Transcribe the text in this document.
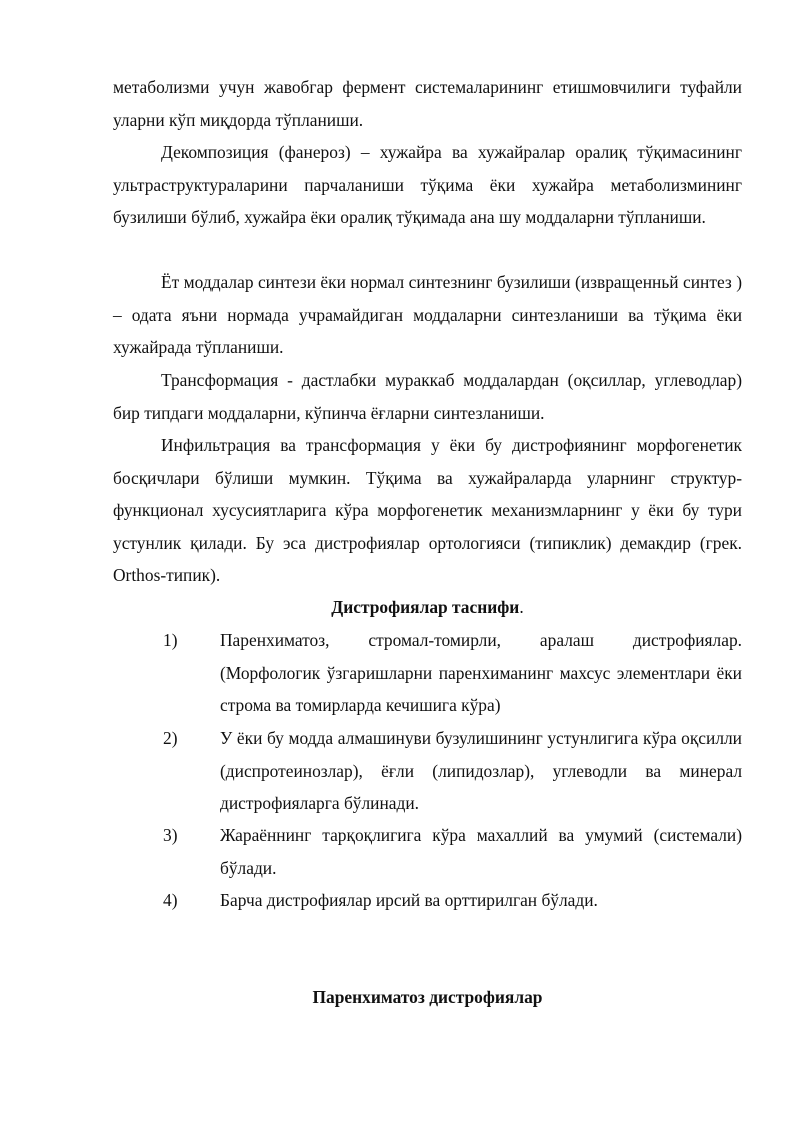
метаболизми учун жавобгар фермент системаларининг етишмовчилиги туфайли уларни кўп миқдорда тўпланиши.

Декомпозиция (фанероз) – хужайра ва хужайралар оралиқ тўқимасининг ультраструктураларини парчаланиши тўқима ёки хужайра метаболизмининг бузилиши бўлиб, хужайра ёки оралиқ тўқимада ана шу моддаларни тўпланиши.

Ёт моддалар синтези ёки нормал синтезнинг бузилиши (извращенньй синтез ) – одата яъни нормада учрамайдиган моддаларни синтезланиши ва тўқима ёки хужайрада тўпланиши.

Трансформация - дастлабки мураккаб моддалардан (оқсиллар, углеводлар) бир типдаги моддаларни, кўпинча ёғларни синтезланиши.

Инфильтрация ва трансформация у ёки бу дистрофиянинг морфогенетик босқичлари бўлиши мумкин. Тўқима ва хужайраларда уларнинг структур-функционал хусусиятларига кўра морфогенетик механизмларнинг у ёки бу тури устунлик қилади. Бу эса дистрофиялар ортологияси (типиклик) демакдир (грек. Orthos-типик).

Дистрофиялар таснифи.

1) Паренхиматоз, стромал-томирли, аралаш дистрофиялар. (Морфологик ўзгаришларни паренхиманинг махсус элементлари ёки строма ва томирларда кечишига кўра)

2) У ёки бу модда алмашинуви бузулишининг устунлигига кўра оқсилли (диспротеинозлар), ёғли (липидозлар), углеводли ва минерал дистрофияларга бўлинади.

3) Жараённинг тарқоқлигига кўра махаллий ва умумий (системали) бўлади.

4) Барча дистрофиялар ирсий ва орттирилган бўлади.

Паренхиматоз дистрофиялар
